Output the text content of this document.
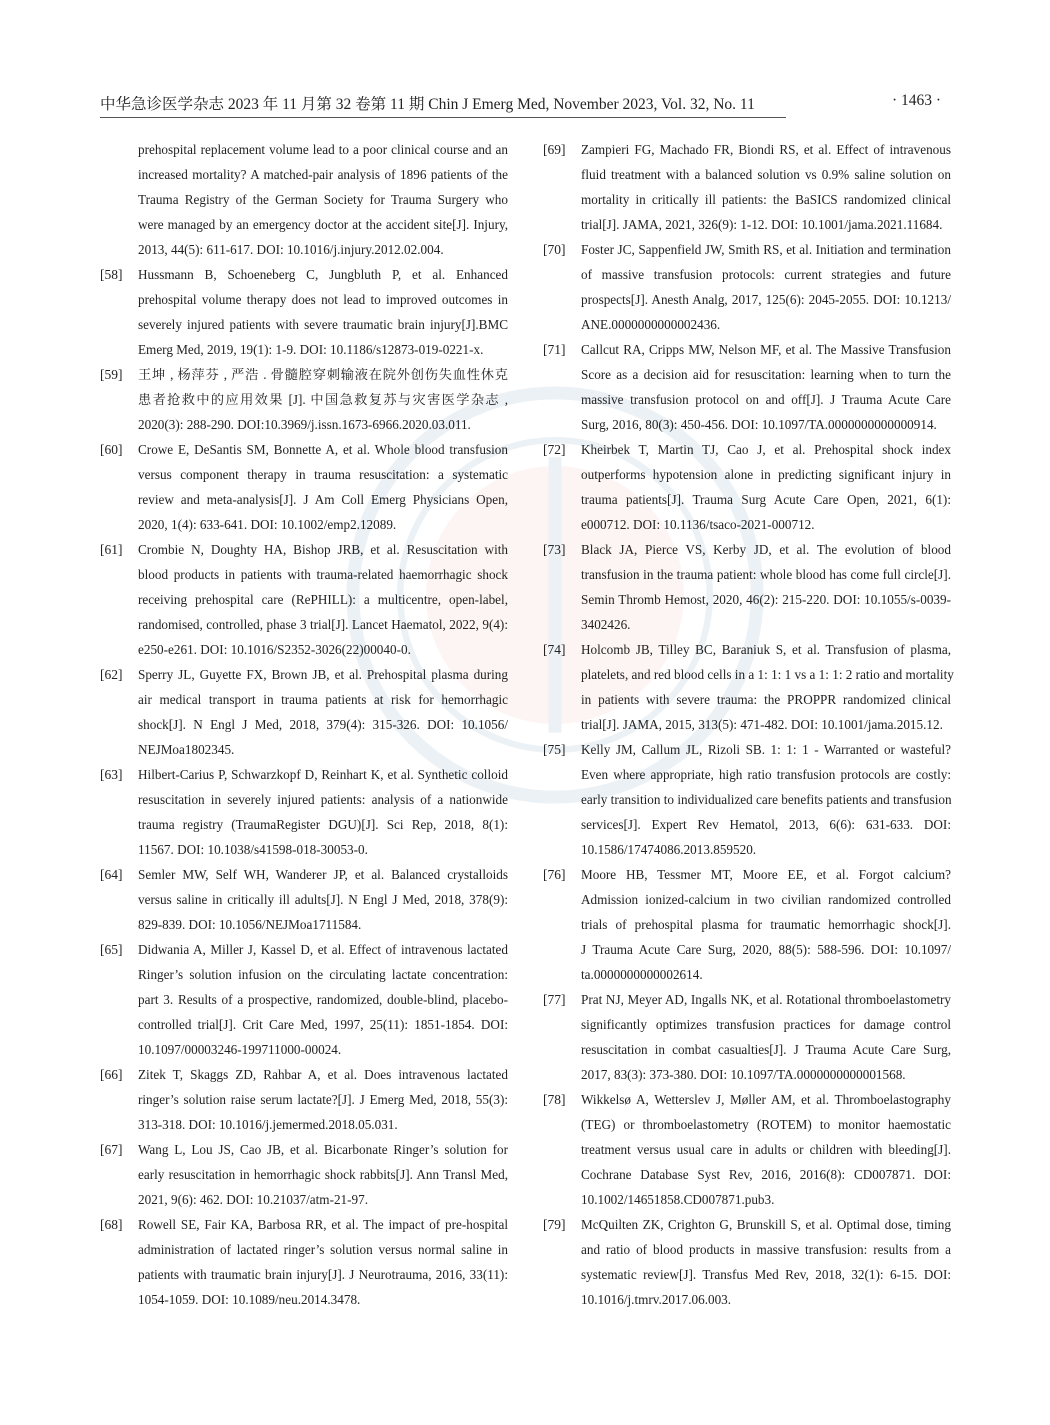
中华急诊医学杂志 2023 年 11 月第 32 卷第 11 期 Chin J Emerg Med, November 2023, Vol. 32, No. 11	· 1463 ·
prehospital replacement volume lead to a poor clinical course and an
increased mortality? A matched-pair analysis of 1896 patients of the
Trauma Registry of the German Society for Trauma Surgery who
were managed by an emergency doctor at the accident site[J]. Injury,
2013, 44(5): 611-617. DOI: 10.1016/j.injury.2012.02.004.
[58] Hussmann B, Schoeneberg C, Jungbluth P, et al. Enhanced
prehospital volume therapy does not lead to improved outcomes in
severely injured patients with severe traumatic brain injury[J].BMC
Emerg Med, 2019, 19(1): 1-9. DOI: 10.1186/s12873-019-0221-x.
[59] 王坤 , 杨萍芬 , 严浩 . 骨髓腔穿刺输液在院外创伤失血性休克
患者抢救中的应用效果 [J]. 中国急救复苏与灾害医学杂志 ,
2020(3): 288-290. DOI:10.3969/j.issn.1673-6966.2020.03.011.
[60] Crowe E, DeSantis SM, Bonnette A, et al. Whole blood transfusion
versus component therapy in trauma resuscitation: a systematic
review and meta-analysis[J]. J Am Coll Emerg Physicians Open,
2020, 1(4): 633-641. DOI: 10.1002/emp2.12089.
[61] Crombie N, Doughty HA, Bishop JRB, et al. Resuscitation with
blood products in patients with trauma-related haemorrhagic shock
receiving prehospital care (RePHILL): a multicentre, open-label,
randomised, controlled, phase 3 trial[J]. Lancet Haematol, 2022, 9(4):
e250-e261. DOI: 10.1016/S2352-3026(22)00040-0.
[62] Sperry JL, Guyette FX, Brown JB, et al. Prehospital plasma during
air medical transport in trauma patients at risk for hemorrhagic
shock[J]. N Engl J Med, 2018, 379(4): 315-326. DOI: 10.1056/
NEJMoa1802345.
[63] Hilbert-Carius P, Schwarzkopf D, Reinhart K, et al. Synthetic colloid
resuscitation in severely injured patients: analysis of a nationwide
trauma registry (TraumaRegister DGU)[J]. Sci Rep, 2018, 8(1):
11567. DOI: 10.1038/s41598-018-30053-0.
[64] Semler MW, Self WH, Wanderer JP, et al. Balanced crystalloids
versus saline in critically ill adults[J]. N Engl J Med, 2018, 378(9):
829-839. DOI: 10.1056/NEJMoa1711584.
[65] Didwania A, Miller J, Kassel D, et al. Effect of intravenous lactated
Ringer’s solution infusion on the circulating lactate concentration:
part 3. Results of a prospective, randomized, double-blind, placebo-
controlled trial[J]. Crit Care Med, 1997, 25(11): 1851-1854. DOI:
10.1097/00003246-199711000-00024.
[66] Zitek T, Skaggs ZD, Rahbar A, et al. Does intravenous lactated
ringer’s solution raise serum lactate?[J]. J Emerg Med, 2018, 55(3):
313-318. DOI: 10.1016/j.jemermed.2018.05.031.
[67] Wang L, Lou JS, Cao JB, et al. Bicarbonate Ringer’s solution for
early resuscitation in hemorrhagic shock rabbits[J]. Ann Transl Med,
2021, 9(6): 462. DOI: 10.21037/atm-21-97.
[68] Rowell SE, Fair KA, Barbosa RR, et al. The impact of pre-hospital
administration of lactated ringer’s solution versus normal saline in
patients with traumatic brain injury[J]. J Neurotrauma, 2016, 33(11):
1054-1059. DOI: 10.1089/neu.2014.3478.
[69] Zampieri FG, Machado FR, Biondi RS, et al. Effect of intravenous
fluid treatment with a balanced solution vs 0.9% saline solution on
mortality in critically ill patients: the BaSICS randomized clinical
trial[J]. JAMA, 2021, 326(9): 1-12. DOI: 10.1001/jama.2021.11684.
[70] Foster JC, Sappenfield JW, Smith RS, et al. Initiation and termination
of massive transfusion protocols: current strategies and future
prospects[J]. Anesth Analg, 2017, 125(6): 2045-2055. DOI: 10.1213/
ANE.0000000000002436.
[71] Callcut RA, Cripps MW, Nelson MF, et al. The Massive Transfusion
Score as a decision aid for resuscitation: learning when to turn the
massive transfusion protocol on and off[J]. J Trauma Acute Care
Surg, 2016, 80(3): 450-456. DOI: 10.1097/TA.0000000000000914.
[72] Kheirbek T, Martin TJ, Cao J, et al. Prehospital shock index
outperforms hypotension alone in predicting significant injury in
trauma patients[J]. Trauma Surg Acute Care Open, 2021, 6(1):
e000712. DOI: 10.1136/tsaco-2021-000712.
[73] Black JA, Pierce VS, Kerby JD, et al. The evolution of blood
transfusion in the trauma patient: whole blood has come full circle[J].
Semin Thromb Hemost, 2020, 46(2): 215-220. DOI: 10.1055/s-0039-
3402426.
[74] Holcomb JB, Tilley BC, Baraniuk S, et al. Transfusion of plasma,
platelets, and red blood cells in a 1: 1: 1 vs a 1: 1: 2 ratio and mortality
in patients with severe trauma: the PROPPR randomized clinical
trial[J]. JAMA, 2015, 313(5): 471-482. DOI: 10.1001/jama.2015.12.
[75] Kelly JM, Callum JL, Rizoli SB. 1: 1: 1 - Warranted or wasteful?
Even where appropriate, high ratio transfusion protocols are costly:
early transition to individualized care benefits patients and transfusion
services[J]. Expert Rev Hematol, 2013, 6(6): 631-633. DOI:
10.1586/17474086.2013.859520.
[76] Moore HB, Tessmer MT, Moore EE, et al. Forgot calcium?
Admission ionized-calcium in two civilian randomized controlled
trials of prehospital plasma for traumatic hemorrhagic shock[J].
J Trauma Acute Care Surg, 2020, 88(5): 588-596. DOI: 10.1097/
ta.0000000000002614.
[77] Prat NJ, Meyer AD, Ingalls NK, et al. Rotational thromboelastometry
significantly optimizes transfusion practices for damage control
resuscitation in combat casualties[J]. J Trauma Acute Care Surg,
2017, 83(3): 373-380. DOI: 10.1097/TA.0000000000001568.
[78] Wikkelsø A, Wetterslev J, Møller AM, et al. Thromboelastography
(TEG) or thromboelastometry (ROTEM) to monitor haemostatic
treatment versus usual care in adults or children with bleeding[J].
Cochrane Database Syst Rev, 2016, 2016(8): CD007871. DOI:
10.1002/14651858.CD007871.pub3.
[79] McQuilten ZK, Crighton G, Brunskill S, et al. Optimal dose, timing
and ratio of blood products in massive transfusion: results from a
systematic review[J]. Transfus Med Rev, 2018, 32(1): 6-15. DOI:
10.1016/j.tmrv.2017.06.003.
